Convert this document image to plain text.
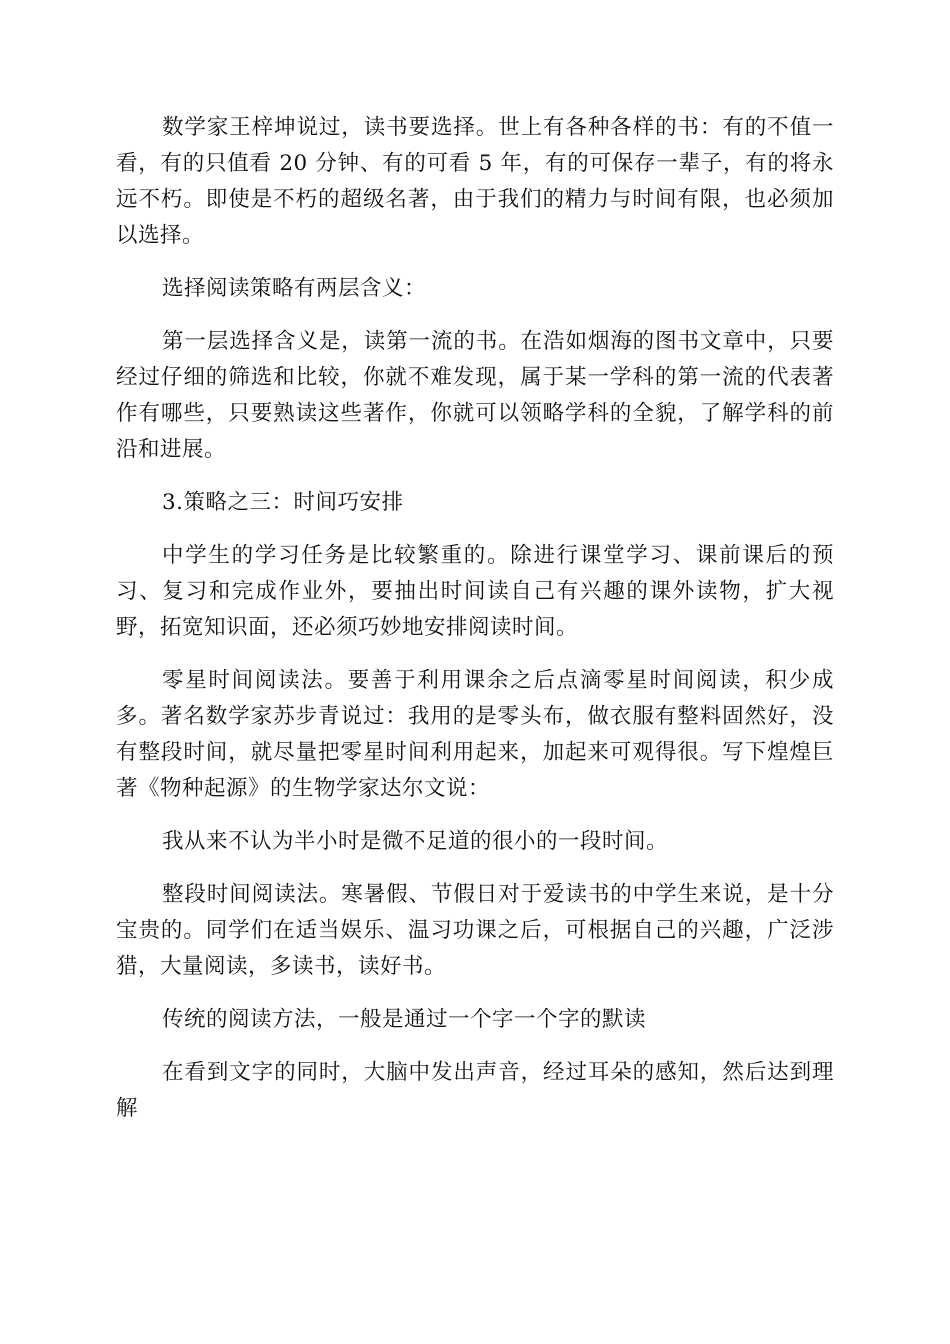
数学家王梓坤说过，读书要选择。世上有各种各样的书：有的不值一看，有的只值看 20 分钟、有的可看 5 年，有的可保存一辈子，有的将永远不朽。即使是不朽的超级名著，由于我们的精力与时间有限，也必须加以选择。

选择阅读策略有两层含义：

第一层选择含义是，读第一流的书。在浩如烟海的图书文章中，只要经过仔细的筛选和比较，你就不难发现，属于某一学科的第一流的代表著作有哪些，只要熟读这些著作，你就可以领略学科的全貌，了解学科的前沿和进展。

3.策略之三：时间巧安排

中学生的学习任务是比较繁重的。除进行课堂学习、课前课后的预习、复习和完成作业外，要抽出时间读自己有兴趣的课外读物，扩大视野，拓宽知识面，还必须巧妙地安排阅读时间。

零星时间阅读法。要善于利用课余之后点滴零星时间阅读，积少成多。著名数学家苏步青说过：我用的是零头布，做衣服有整料固然好，没有整段时间，就尽量把零星时间利用起来，加起来可观得很。写下煌煌巨著《物种起源》的生物学家达尔文说：

我从来不认为半小时是微不足道的很小的一段时间。

整段时间阅读法。寒暑假、节假日对于爱读书的中学生来说，是十分宝贵的。同学们在适当娱乐、温习功课之后，可根据自己的兴趣，广泛涉猎，大量阅读，多读书，读好书。

传统的阅读方法，一般是通过一个字一个字的默读

在看到文字的同时，大脑中发出声音，经过耳朵的感知，然后达到理解
